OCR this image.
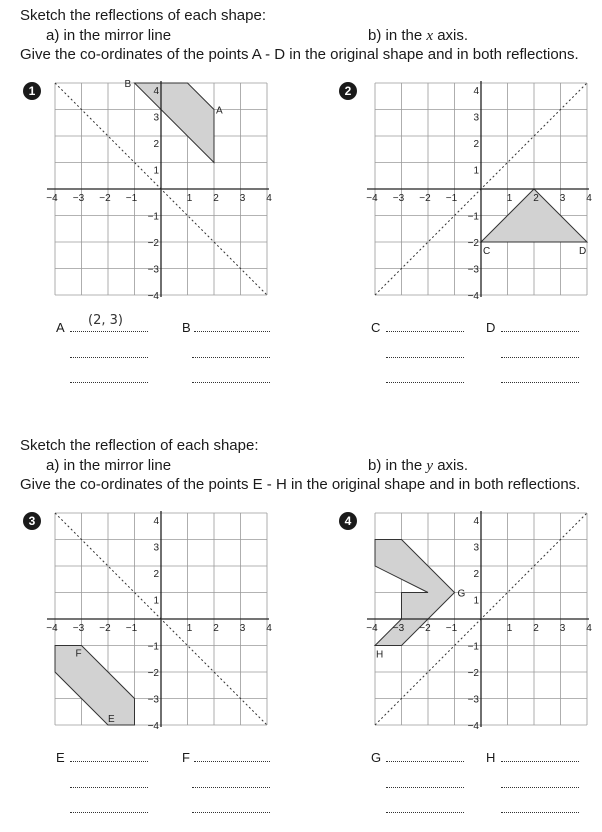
Sketch the reflections of each shape:
a) in the mirror line	b) in the x axis.
Give the co-ordinates of the points A - D in the original shape and in both reflections.
1
−4 −3 −2 −1	1 2 3 4
4
3
2
1
−1
−2
−3
−4
B
A
2
−4 −3 −2 −1	1 2 3 4
4
3
2
1
−1
−2
−3
−4
C	D
A (2, 3)	B	C	D
Sketch the reflection of each shape:
a) in the mirror line	b) in the y axis.
Give the co-ordinates of the points E - H in the original shape and in both reflections.
3
−4 −3 −2 −1	1 2 3 4
4
3
2
1
−1
−2
−3
−4
F
E
4
−4 −3 −2 −1	1 2 3 4
4
3
2
1
−1
−2
−3
−4
G
H
E	F	G	H
